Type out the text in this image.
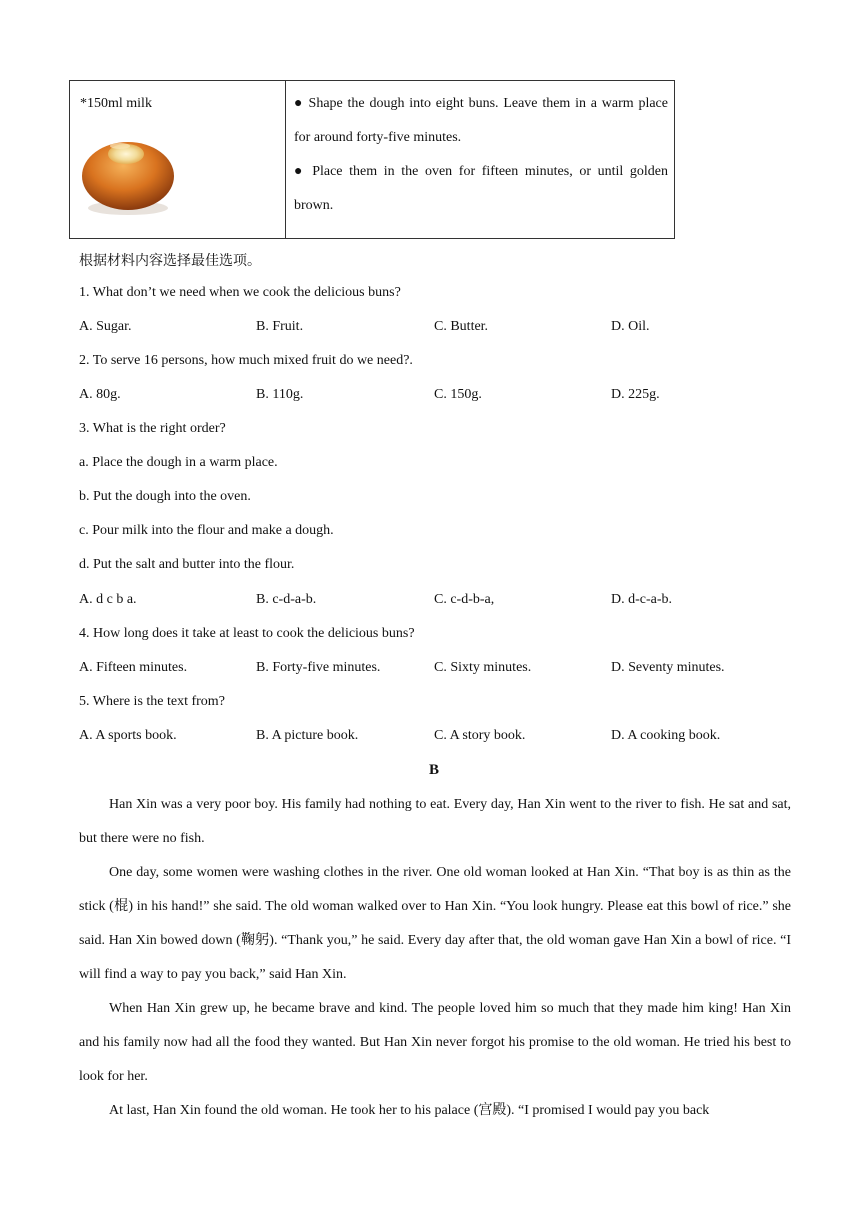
*150ml milk	● Shape the dough into eight buns. Leave them in a warm place for around forty-five minutes.
● Place them in the oven for fifteen minutes, or until golden brown.
根据材料内容选择最佳选项。
1. What don’t we need when we cook the delicious buns?
A. Sugar.	B. Fruit.	C. Butter.	D. Oil.
2. To serve 16 persons, how much mixed fruit do we need?.
A. 80g.	B. 110g.	C. 150g.	D. 225g.
3. What is the right order?
a. Place the dough in a warm place.
b. Put the dough into the oven.
c. Pour milk into the flour and make a dough.
d. Put the salt and butter into the flour.
A. d c b a.	B. c-d-a-b.	C. c-d-b-a,	D. d-c-a-b.
4. How long does it take at least to cook the delicious buns?
A. Fifteen minutes.	B. Forty-five minutes.	C. Sixty minutes.	D. Seventy minutes.
5. Where is the text from?
A. A sports book.	B. A picture book.	C. A story book.	D. A cooking book.
B
Han Xin was a very poor boy. His family had nothing to eat. Every day, Han Xin went to the river to fish. He sat and sat, but there were no fish.
One day, some women were washing clothes in the river. One old woman looked at Han Xin. “That boy is as thin as the stick (棍) in his hand!” she said. The old woman walked over to Han Xin. “You look hungry. Please eat this bowl of rice.” she said. Han Xin bowed down (鞠躬). “Thank you,” he said. Every day after that, the old woman gave Han Xin a bowl of rice. “I will find a way to pay you back,” said Han Xin.
When Han Xin grew up, he became brave and kind. The people loved him so much that they made him king! Han Xin and his family now had all the food they wanted. But Han Xin never forgot his promise to the old woman. He tried his best to look for her.
At last, Han Xin found the old woman. He took her to his palace (宫殿). “I promised I would pay you back
